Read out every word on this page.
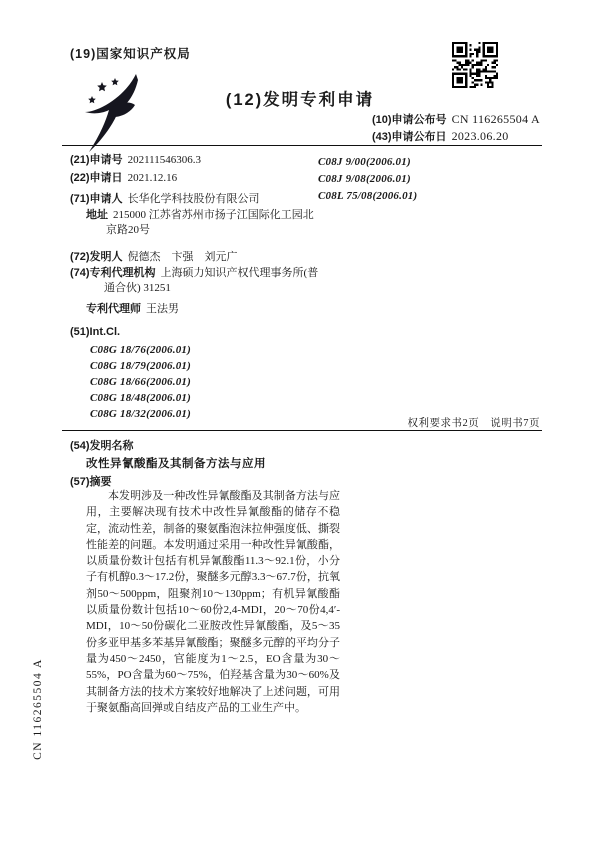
(19)国家知识产权局
(12)发明专利申请
(10)申请公布号 CN 116265504 A
(43)申请公布日 2023.06.20
(21)申请号 202111546306.3
(22)申请日 2021.12.16
(71)申请人 长华化学科技股份有限公司
地址 215000 江苏省苏州市扬子江国际化工园北京路20号
(72)发明人 倪德杰　卞强　刘元广
(74)专利代理机构 上海硕力知识产权代理事务所(普通合伙) 31251
专利代理师 王法男
(51)Int.Cl.
C08G 18/76(2006.01)
C08G 18/79(2006.01)
C08G 18/66(2006.01)
C08G 18/48(2006.01)
C08G 18/32(2006.01)
C08J 9/00(2006.01)
C08J 9/08(2006.01)
C08L 75/08(2006.01)
权利要求书2页　说明书7页
(54)发明名称
改性异氰酸酯及其制备方法与应用
(57)摘要
本发明涉及一种改性异氰酸酯及其制备方法与应用，主要解决现有技术中改性异氰酸酯的储存不稳定，流动性差，制备的聚氨酯泡沫拉伸强度低、撕裂性能差的问题。本发明通过采用一种改性异氰酸酯，以质量份数计包括有机异氰酸酯11.3～92.1份，小分子有机醇0.3～17.2份，聚醚多元醇3.3～67.7份，抗氧剂50～500ppm，阻聚剂10～130ppm；有机异氰酸酯以质量份数计包括10～60份2,4-MDI，20～70份4,4′-MDI，10～50份碳化二亚胺改性异氰酸酯，及5～35份多亚甲基多苯基异氰酸酯；聚醚多元醇的平均分子量为450～2450，官能度为1～2.5，EO含量为30～55%，PO含量为60～75%，伯羟基含量为30～60%及其制备方法的技术方案较好地解决了上述问题，可用于聚氨酯高回弹或自结皮产品的工业生产中。
CN 116265504 A
